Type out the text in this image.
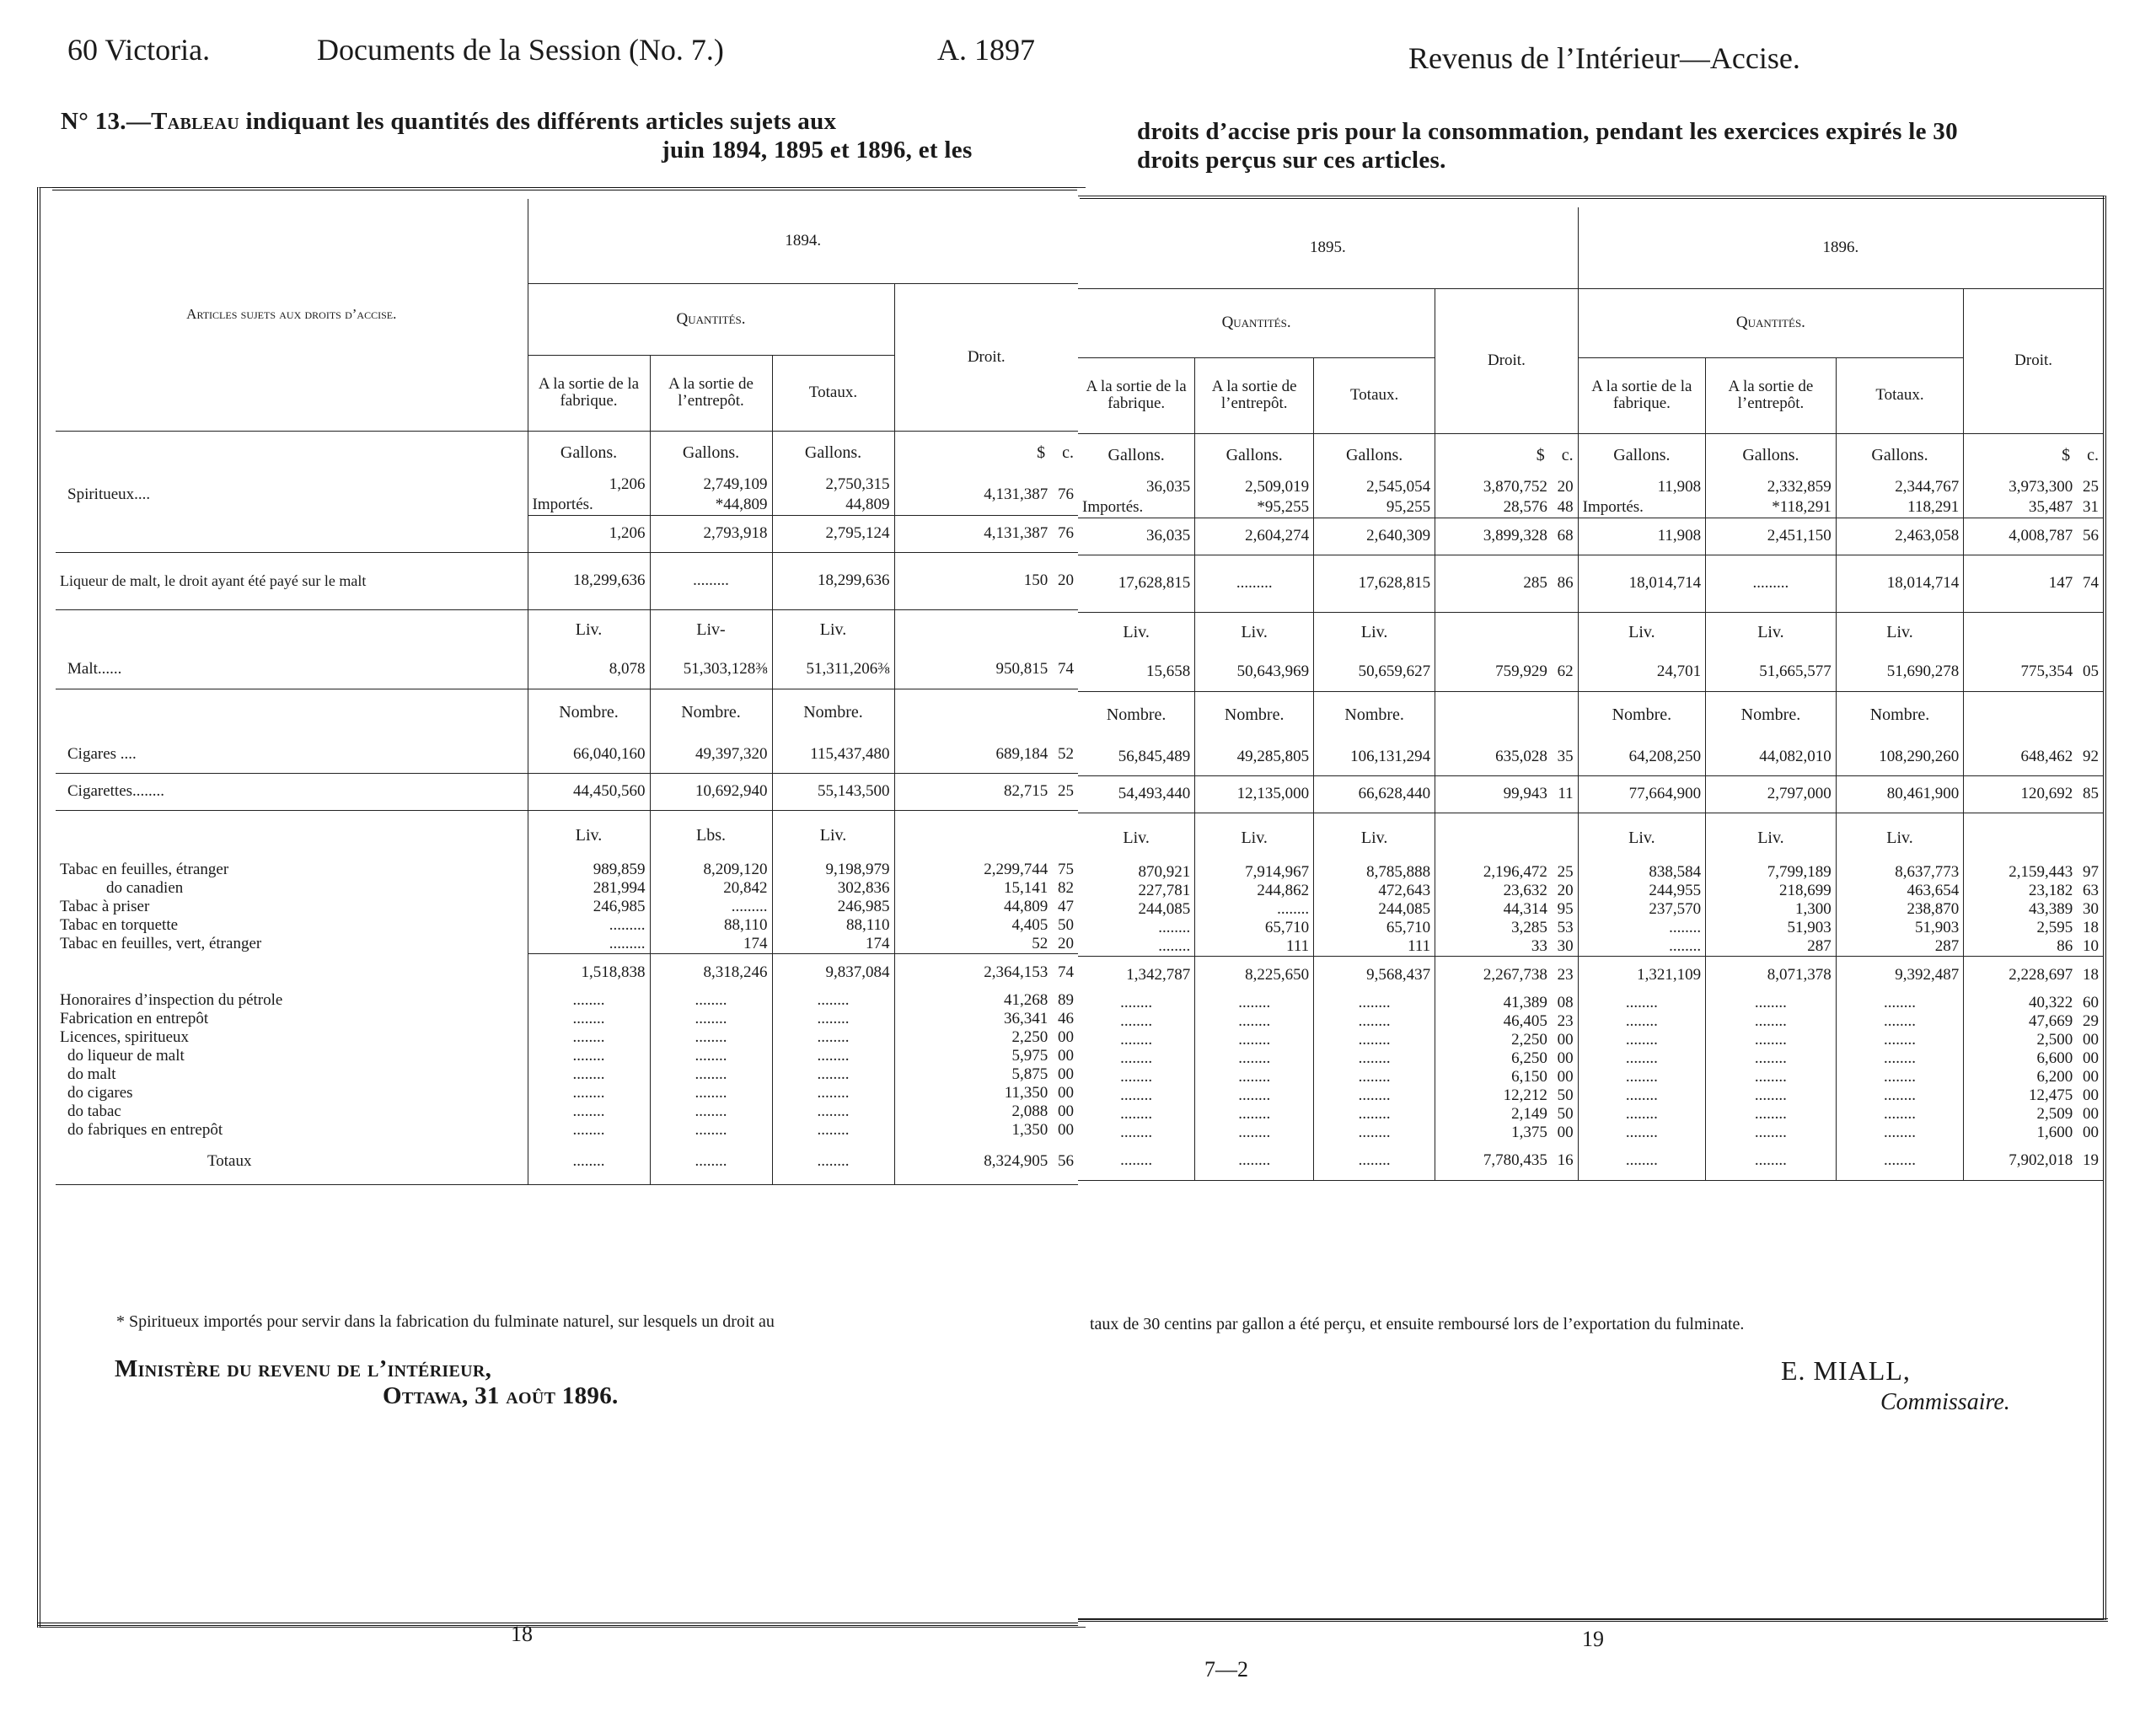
60 Victoria.	Documents de la Session (No. 7.)	A. 1897
N° 13.—Tableau indiquant les quantités des différents articles sujets aux
juin 1894, 1895 et 1896, et les
Articles sujets aux droits d’accise.	1894.			
	Quantités.			Droit.
	A la sortie de la fabrique.	A la sortie de l’entrepôt.	Totaux.	
	Gallons.	Gallons.	Gallons.	$ c.
Spiritueux....	1,206	2,749,109	2,750,315	4,131,387 76
	Importés.	*44,809	44,809	
	1,206	2,793,918	2,795,124	4,131,387 76
Liqueur de malt, le droit ayant été payé sur le malt	18,299,636	.........	18,299,636	150 20
	Liv.	Liv-	Liv.	
Malt......	8,078	51,303,128⅜	51,311,206⅜	950,815 74
	Nombre.	Nombre.	Nombre.	
Cigares ....	66,040,160	49,397,320	115,437,480	689,184 52
Cigarettes........	44,450,560	10,692,940	55,143,500	82,715 25
	Liv.	Lbs.	Liv.	
Tabac en feuilles, étranger	989,859	8,209,120	9,198,979	2,299,744 75
do canadien	281,994	20,842	302,836	15,141 82
Tabac à priser	246,985	.........	246,985	44,809 47
Tabac en torquette	.........	88,110	88,110	4,405 50
Tabac en feuilles, vert, étranger	.........	174	174	52 20
	1,518,838	8,318,246	9,837,084	2,364,153 74
Honoraires d’inspection du pétrole	........	........	........	41,268 89
Fabrication en entrepôt	........	........	........	36,341 46
Licences, spiritueux	........	........	........	2,250 00
do liqueur de malt	........	........	........	5,975 00
do malt	........	........	........	5,875 00
do cigares	........	........	........	11,350 00
do tabac	........	........	........	2,088 00
do fabriques en entrepôt	........	........	........	1,350 00
Totaux	........	........	........	8,324,905 56
* Spiritueux importés pour servir dans la fabrication du fulminate naturel, sur lesquels un droit au
Ministère du revenu de l’intérieur,
Ottawa, 31 août 1896.
18
Revenus de l’Intérieur—Accise.
droits d’accise pris pour la consommation, pendant les exercices expirés le 30
droits perçus sur ces articles.
1895.				1896.			
Quantités.			Droit.	Quantités.			Droit.
A la sortie de la fabrique.	A la sortie de l’entrepôt.	Totaux.		A la sortie de la fabrique.	A la sortie de l’entrepôt.	Totaux.	
Gallons.	Gallons.	Gallons.	$ c.	Gallons.	Gallons.	Gallons.	$ c.
36,035	2,509,019	2,545,054	3,870,752 20	11,908	2,332,859	2,344,767	3,973,300 25
Importés.	*95,255	95,255	28,576 48	Importés.	*118,291	118,291	35,487 31
36,035	2,604,274	2,640,309	3,899,328 68	11,908	2,451,150	2,463,058	4,008,787 56
17,628,815	.........	17,628,815	285 86	18,014,714	.........	18,014,714	147 74
Liv.	Liv.	Liv.		Liv.	Liv.	Liv.	
15,658	50,643,969	50,659,627	759,929 62	24,701	51,665,577	51,690,278	775,354 05
Nombre.	Nombre.	Nombre.		Nombre.	Nombre.	Nombre.	
56,845,489	49,285,805	106,131,294	635,028 35	64,208,250	44,082,010	108,290,260	648,462 92
54,493,440	12,135,000	66,628,440	99,943 11	77,664,900	2,797,000	80,461,900	120,692 85
Liv.	Liv.	Liv.		Liv.	Liv.	Liv.	
870,921	7,914,967	8,785,888	2,196,472 25	838,584	7,799,189	8,637,773	2,159,443 97
227,781	244,862	472,643	23,632 20	244,955	218,699	463,654	23,182 63
244,085	........	244,085	44,314 95	237,570	1,300	238,870	43,389 30
........	65,710	65,710	3,285 53	........	51,903	51,903	2,595 18
........	111	111	33 30	........	287	287	86 10
1,342,787	8,225,650	9,568,437	2,267,738 23	1,321,109	8,071,378	9,392,487	2,228,697 18
........	........	........	41,389 08	........	........	........	40,322 60
........	........	........	46,405 23	........	........	........	47,669 29
........	........	........	2,250 00	........	........	........	2,500 00
........	........	........	6,250 00	........	........	........	6,600 00
........	........	........	6,150 00	........	........	........	6,200 00
........	........	........	12,212 50	........	........	........	12,475 00
........	........	........	2,149 50	........	........	........	2,509 00
........	........	........	1,375 00	........	........	........	1,600 00
........	........	........	7,780,435 16	........	........	........	7,902,018 19
taux de 30 centins par gallon a été perçu, et ensuite remboursé lors de l’exportation du fulminate.
E. MIALL,
Commissaire.
19
7—2
